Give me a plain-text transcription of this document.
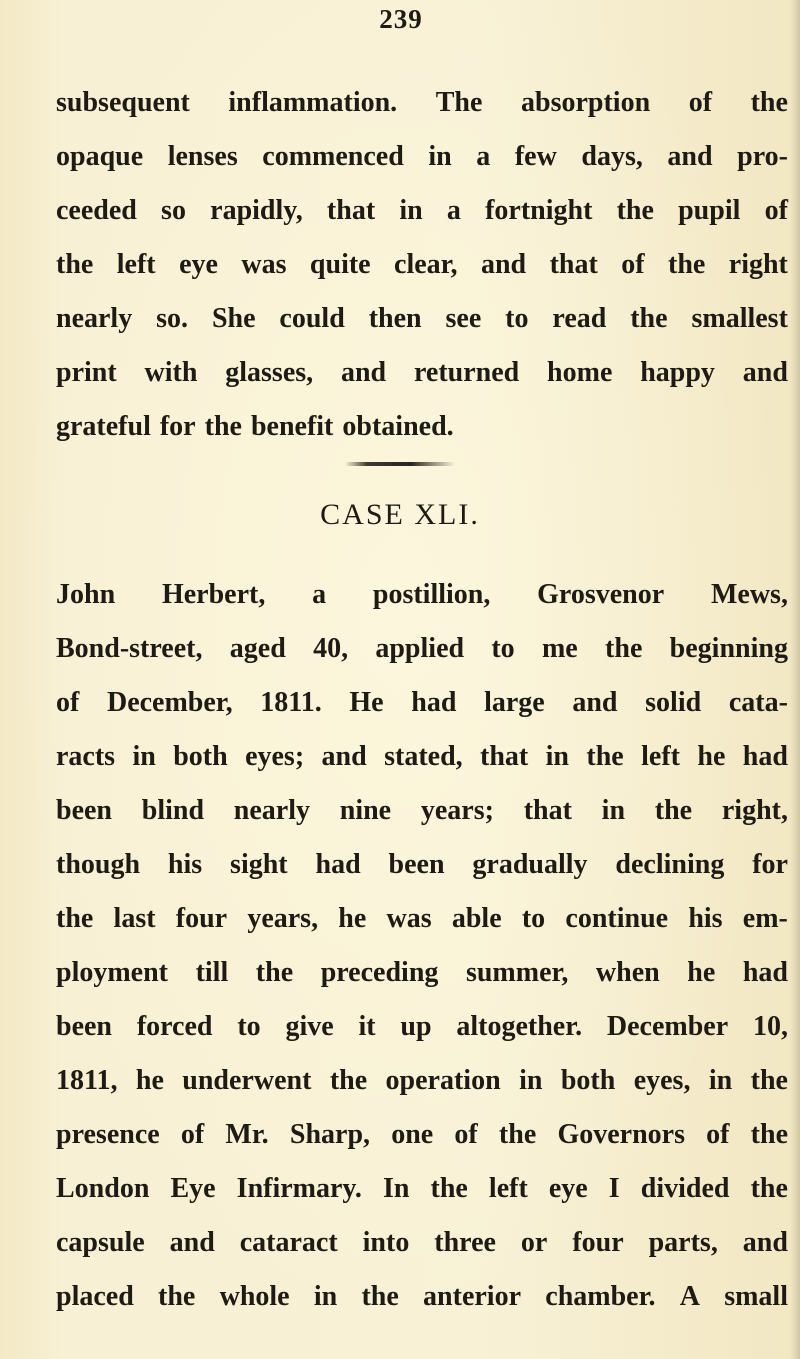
239
subsequent inflammation. The absorption of the
opaque lenses commenced in a few days, and pro-
ceeded so rapidly, that in a fortnight the pupil of
the left eye was quite clear, and that of the right
nearly so. She could then see to read the smallest
print with glasses, and returned home happy and
grateful for the benefit obtained.
CASE XLI.
John Herbert, a postillion, Grosvenor Mews,
Bond-street, aged 40, applied to me the beginning
of December, 1811. He had large and solid cata-
racts in both eyes; and stated, that in the left he had
been blind nearly nine years; that in the right,
though his sight had been gradually declining for
the last four years, he was able to continue his em-
ployment till the preceding summer, when he had
been forced to give it up altogether. December 10,
1811, he underwent the operation in both eyes, in the
presence of Mr. Sharp, one of the Governors of the
London Eye Infirmary. In the left eye I divided the
capsule and cataract into three or four parts, and
placed the whole in the anterior chamber. A small
